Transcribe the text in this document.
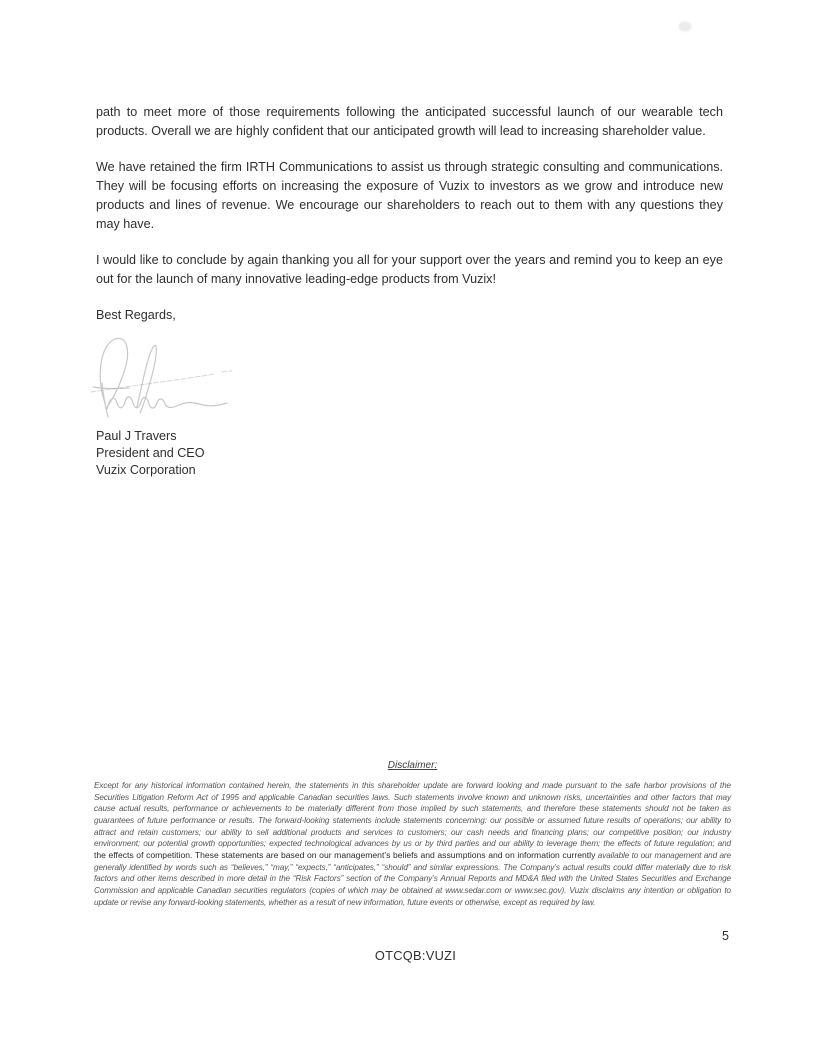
path to meet more of those requirements following the anticipated successful launch of our wearable tech
products. Overall we are highly confident that our anticipated growth will lead to increasing shareholder value.
We have retained the firm IRTH Communications to assist us through strategic consulting and communications.
They will be focusing efforts on increasing the exposure of Vuzix to investors as we grow and introduce new
products and lines of revenue. We encourage our shareholders to reach out to them with any questions they
may have.
I would like to conclude by again thanking you all for your support over the years and remind you to keep an eye
out for the launch of many innovative leading-edge products from Vuzix!
Best Regards,
Paul J Travers
President and CEO
Vuzix Corporation
Disclaimer:
Except for any historical information contained herein, the statements in this shareholder update are forward looking and made pursuant to the safe harbor provisions of the
Securities Litigation Reform Act of 1995 and applicable Canadian securities laws. Such statements involve known and unknown risks, uncertainties and other factors that may
cause actual results, performance or achievements to be materially different from those implied by such statements, and therefore these statements should not be taken as
guarantees of future performance or results. The forward-looking statements include statements concerning: our possible or assumed future results of operations; our ability to
attract and retain customers; our ability to sell additional products and services to customers; our cash needs and financing plans; our competitive position; our industry
environment; our potential growth opportunities; expected technological advances by us or by third parties and our ability to leverage them; the effects of future regulation; and
the effects of competition. These statements are based on our management’s beliefs and assumptions and on information currently available to our management and are
generally identified by words such as “believes,” “may,” “expects,” “anticipates,” “should” and similar expressions. The Company’s actual results could differ materially due to risk
factors and other items described in more detail in the “Risk Factors” section of the Company’s Annual Reports and MD&A filed with the United States Securities and Exchange
Commission and applicable Canadian securities regulators (copies of which may be obtained at www.sedar.com or www.sec.gov). Vuzix disclaims any intention or obligation to
update or revise any forward-looking statements, whether as a result of new information, future events or otherwise, except as required by law.
5
OTCQB:VUZI
